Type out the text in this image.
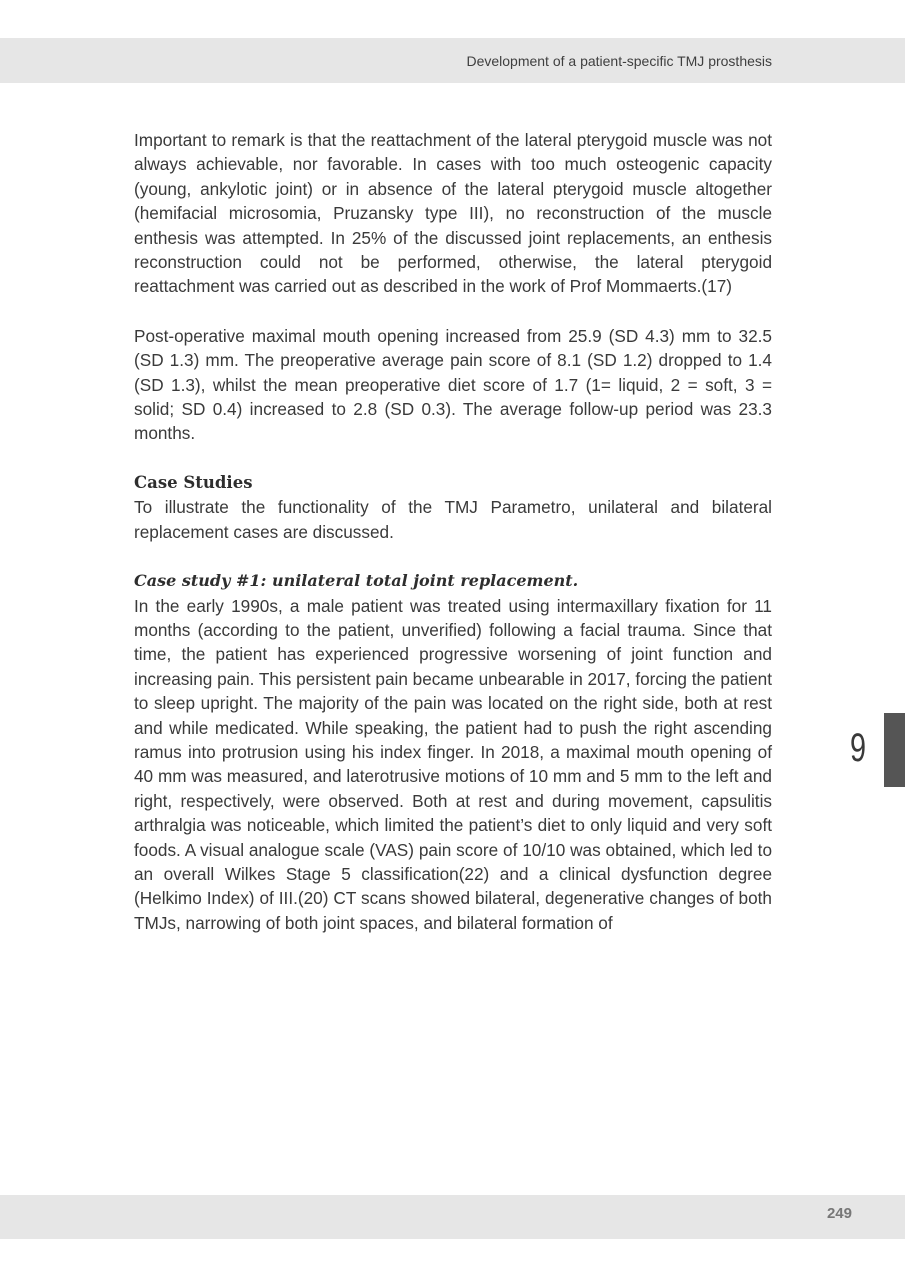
Development of a patient-specific TMJ prosthesis

Important to remark is that the reattachment of the lateral pterygoid muscle was not always achievable, nor favorable. In cases with too much osteogenic capacity (young, ankylotic joint) or in absence of the lateral pterygoid muscle altogether (hemifacial microsomia, Pruzansky type III), no reconstruction of the muscle enthesis was attempted. In 25% of the discussed joint replacements, an enthesis reconstruction could not be performed, otherwise, the lateral pterygoid reattachment was carried out as described in the work of Prof Mommaerts.(17)

Post-operative maximal mouth opening increased from 25.9 (SD 4.3) mm to 32.5 (SD 1.3) mm. The preoperative average pain score of 8.1 (SD 1.2) dropped to 1.4 (SD 1.3), whilst the mean preoperative diet score of 1.7 (1= liquid, 2 = soft, 3 = solid; SD 0.4) increased to 2.8 (SD 0.3). The average follow-up period was 23.3 months.

Case Studies

To illustrate the functionality of the TMJ Parametro, unilateral and bilateral replacement cases are discussed.

Case study #1: unilateral total joint replacement.

In the early 1990s, a male patient was treated using intermaxillary fixation for 11 months (according to the patient, unverified) following a facial trauma. Since that time, the patient has experienced progressive worsening of joint function and increasing pain. This persistent pain became unbearable in 2017, forcing the patient to sleep upright. The majority of the pain was located on the right side, both at rest and while medicated. While speaking, the patient had to push the right ascending ramus into protrusion using his index finger. In 2018, a maximal mouth opening of 40 mm was measured, and laterotrusive motions of 10 mm and 5 mm to the left and right, respectively, were observed. Both at rest and during movement, capsulitis arthralgia was noticeable, which limited the patient’s diet to only liquid and very soft foods. A visual analogue scale (VAS) pain score of 10/10 was obtained, which led to an overall Wilkes Stage 5 classification(22) and a clinical dysfunction degree (Helkimo Index) of III.(20) CT scans showed bilateral, degenerative changes of both TMJs, narrowing of both joint spaces, and bilateral formation of

9
249
